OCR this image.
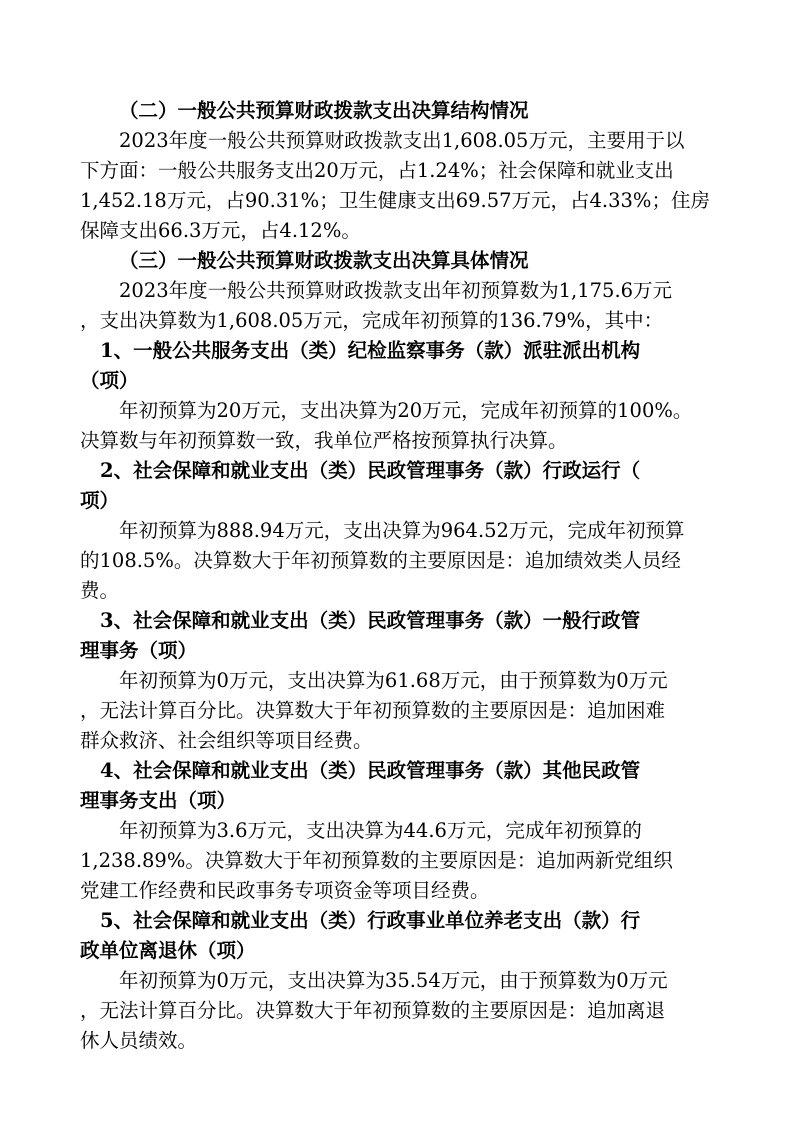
（二）一般公共预算财政拨款支出决算结构情况
2023年度一般公共预算财政拨款支出1,608.05万元，主要用于以
下方面：一般公共服务支出20万元，占1.24%；社会保障和就业支出
1,452.18万元，占90.31%；卫生健康支出69.57万元，占4.33%；住房
保障支出66.3万元，占4.12%。
（三）一般公共预算财政拨款支出决算具体情况
2023年度一般公共预算财政拨款支出年初预算数为1,175.6万元
，支出决算数为1,608.05万元，完成年初预算的136.79%，其中：
1、一般公共服务支出（类）纪检监察事务（款）派驻派出机构
（项）
年初预算为20万元，支出决算为20万元，完成年初预算的100%。
决算数与年初预算数一致，我单位严格按预算执行决算。
2、社会保障和就业支出（类）民政管理事务（款）行政运行（
项）
年初预算为888.94万元，支出决算为964.52万元，完成年初预算
的108.5%。决算数大于年初预算数的主要原因是：追加绩效类人员经
费。
3、社会保障和就业支出（类）民政管理事务（款）一般行政管
理事务（项）
年初预算为0万元，支出决算为61.68万元，由于预算数为0万元
，无法计算百分比。决算数大于年初预算数的主要原因是：追加困难
群众救济、社会组织等项目经费。
4、社会保障和就业支出（类）民政管理事务（款）其他民政管
理事务支出（项）
年初预算为3.6万元，支出决算为44.6万元，完成年初预算的
1,238.89%。决算数大于年初预算数的主要原因是：追加两新党组织
党建工作经费和民政事务专项资金等项目经费。
5、社会保障和就业支出（类）行政事业单位养老支出（款）行
政单位离退休（项）
年初预算为0万元，支出决算为35.54万元，由于预算数为0万元
，无法计算百分比。决算数大于年初预算数的主要原因是：追加离退
休人员绩效。
